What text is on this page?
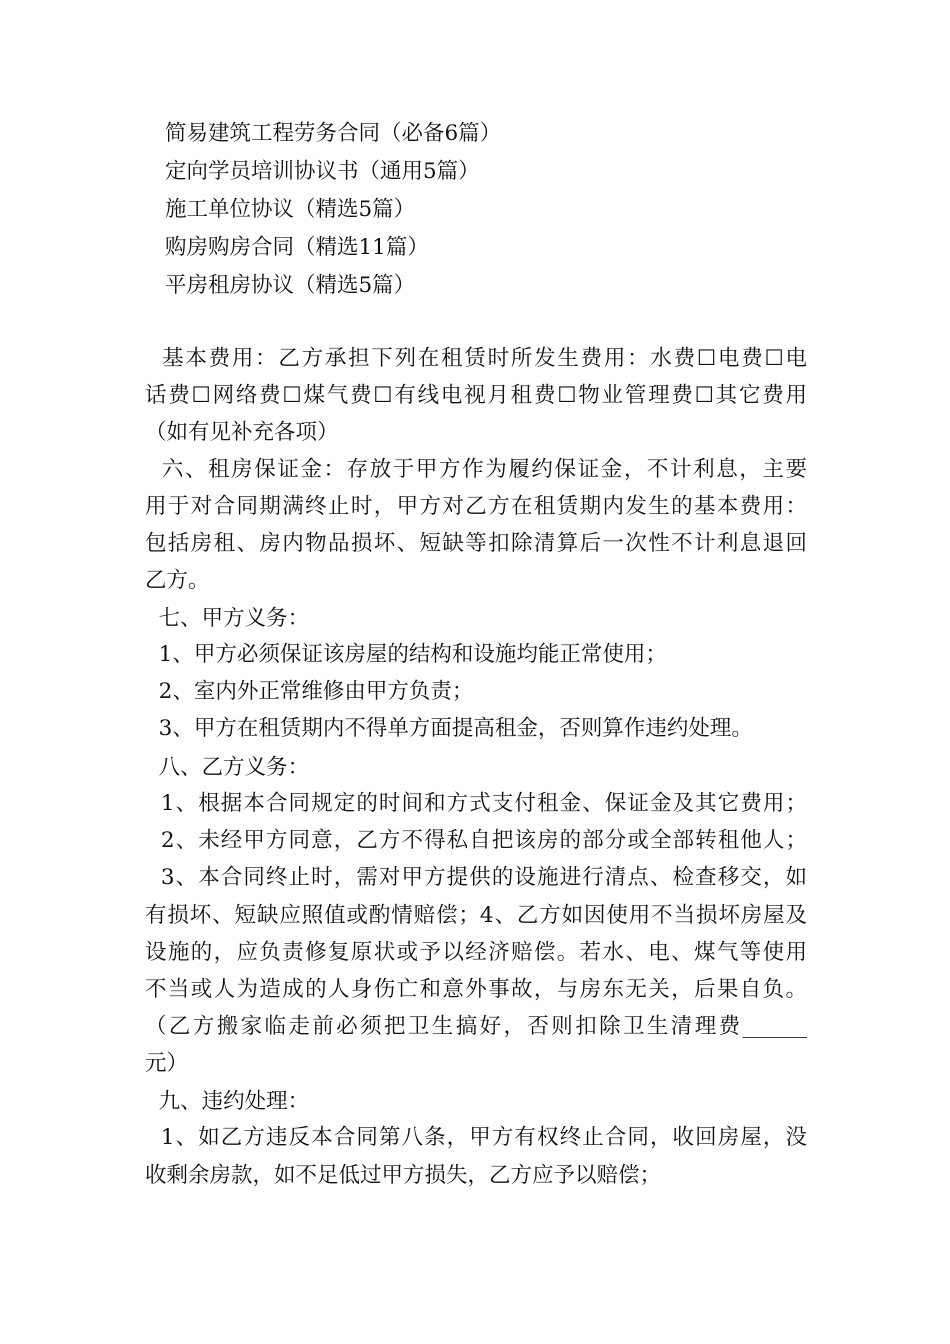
简易建筑工程劳务合同（必备6篇）
定向学员培训协议书（通用5篇）
施工单位协议（精选5篇）
购房购房合同（精选11篇）
平房租房协议（精选5篇）
基本费用：乙方承担下列在租赁时所发生费用：水费☐电费☐电
话费☐网络费☐煤气费☐有线电视月租费☐物业管理费☐其它费用
（如有见补充各项）
六、租房保证金：存放于甲方作为履约保证金，不计利息，主要
用于对合同期满终止时，甲方对乙方在租赁期内发生的基本费用：
包括房租、房内物品损坏、短缺等扣除清算后一次性不计利息退回
乙方。
七、甲方义务：
1、甲方必须保证该房屋的结构和设施均能正常使用；
2、室内外正常维修由甲方负责；
3、甲方在租赁期内不得单方面提高租金，否则算作违约处理。
八、乙方义务：
1、根据本合同规定的时间和方式支付租金、保证金及其它费用；
2、未经甲方同意，乙方不得私自把该房的部分或全部转租他人；
3、本合同终止时，需对甲方提供的设施进行清点、检查移交，如
有损坏、短缺应照值或酌情赔偿；4、乙方如因使用不当损坏房屋及
设施的，应负责修复原状或予以经济赔偿。若水、电、煤气等使用
不当或人为造成的人身伤亡和意外事故，与房东无关，后果自负。
（乙方搬家临走前必须把卫生搞好，否则扣除卫生清理费______
元）
九、违约处理：
1、如乙方违反本合同第八条，甲方有权终止合同，收回房屋，没
收剩余房款，如不足低过甲方损失，乙方应予以赔偿；
